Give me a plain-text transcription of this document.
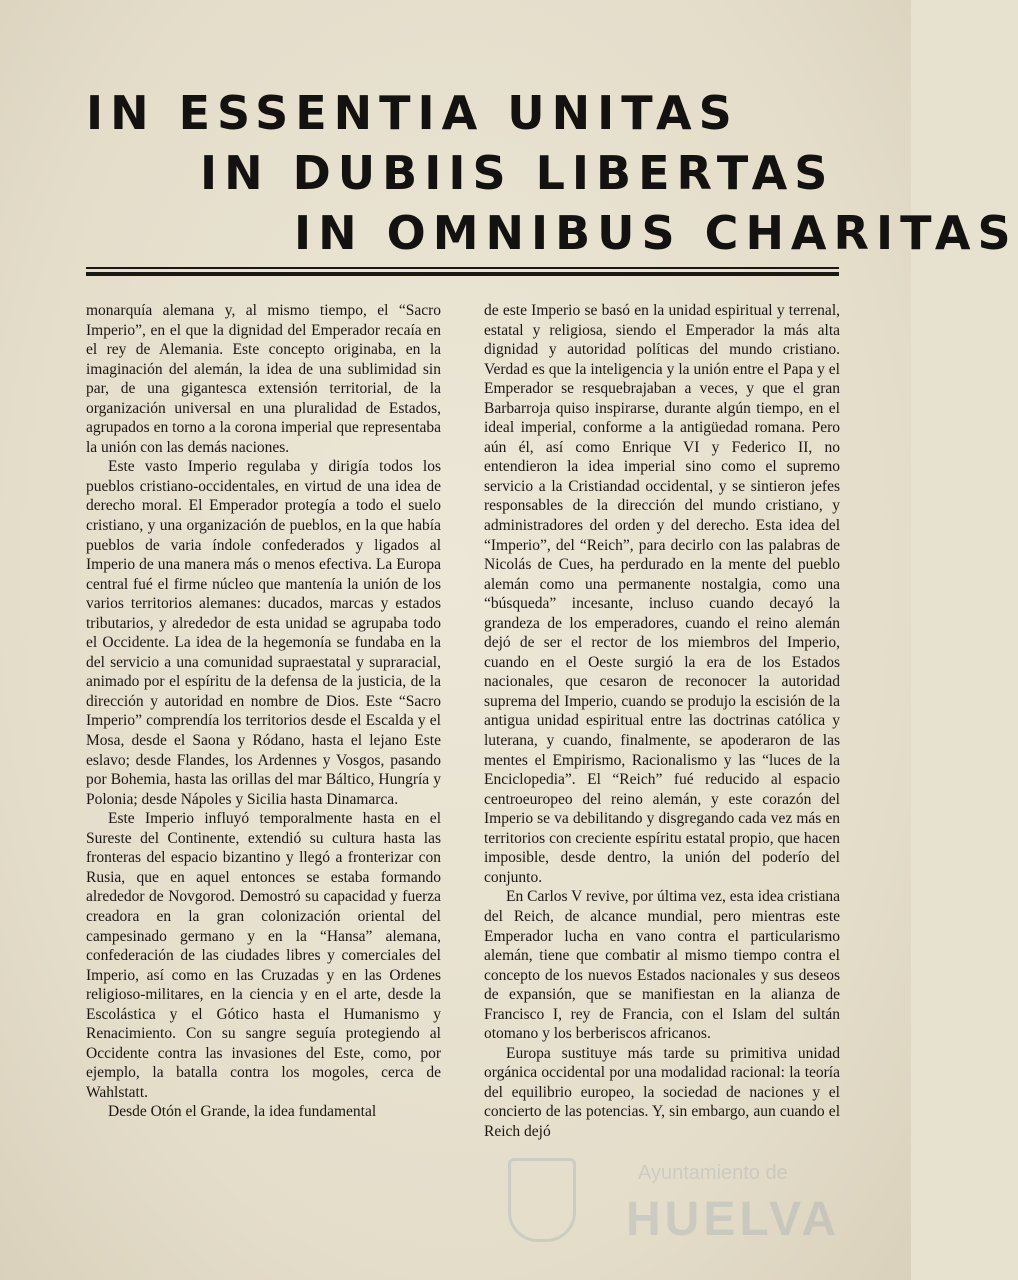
IN ESSENTIA UNITAS
IN DUBIIS LIBERTAS
IN OMNIBUS CHARITAS

monarquía alemana y, al mismo tiempo, el “Sacro Imperio”, en el que la dignidad del Emperador recaía en el rey de Alemania. Este concepto originaba, en la imaginación del alemán, la idea de una sublimidad sin par, de una gigantesca extensión territorial, de la organización universal en una pluralidad de Estados, agrupados en torno a la corona imperial que representaba la unión con las demás naciones.

Este vasto Imperio regulaba y dirigía todos los pueblos cristiano-occidentales, en virtud de una idea de derecho moral. El Emperador protegía a todo el suelo cristiano, y una organización de pueblos, en la que había pueblos de varia índole confederados y ligados al Imperio de una manera más o menos efectiva. La Europa central fué el firme núcleo que mantenía la unión de los varios territorios alemanes: ducados, marcas y estados tributarios, y alrededor de esta unidad se agrupaba todo el Occidente. La idea de la hegemonía se fundaba en la del servicio a una comunidad supraestatal y supraracial, animado por el espíritu de la defensa de la justicia, de la dirección y autoridad en nombre de Dios. Este “Sacro Imperio” comprendía los territorios desde el Escalda y el Mosa, desde el Saona y Ródano, hasta el lejano Este eslavo; desde Flandes, los Ardennes y Vosgos, pasando por Bohemia, hasta las orillas del mar Báltico, Hungría y Polonia; desde Nápoles y Sicilia hasta Dinamarca.

Este Imperio influyó temporalmente hasta en el Sureste del Continente, extendió su cultura hasta las fronteras del espacio bizantino y llegó a fronterizar con Rusia, que en aquel entonces se estaba formando alrededor de Novgorod. Demostró su capacidad y fuerza creadora en la gran colonización oriental del campesinado germano y en la “Hansa” alemana, confederación de las ciudades libres y comerciales del Imperio, así como en las Cruzadas y en las Ordenes religioso-militares, en la ciencia y en el arte, desde la Escolástica y el Gótico hasta el Humanismo y Renacimiento. Con su sangre seguía protegiendo al Occidente contra las invasiones del Este, como, por ejemplo, la batalla contra los mogoles, cerca de Wahlstatt.

Desde Otón el Grande, la idea fundamental

de este Imperio se basó en la unidad espiritual y terrenal, estatal y religiosa, siendo el Emperador la más alta dignidad y autoridad políticas del mundo cristiano. Verdad es que la inteligencia y la unión entre el Papa y el Emperador se resquebrajaban a veces, y que el gran Barbarroja quiso inspirarse, durante algún tiempo, en el ideal imperial, conforme a la antigüedad romana. Pero aún él, así como Enrique VI y Federico II, no entendieron la idea imperial sino como el supremo servicio a la Cristiandad occidental, y se sintieron jefes responsables de la dirección del mundo cristiano, y administradores del orden y del derecho. Esta idea del “Imperio”, del “Reich”, para decirlo con las palabras de Nicolás de Cues, ha perdurado en la mente del pueblo alemán como una permanente nostalgia, como una “búsqueda” incesante, incluso cuando decayó la grandeza de los emperadores, cuando el reino alemán dejó de ser el rector de los miembros del Imperio, cuando en el Oeste surgió la era de los Estados nacionales, que cesaron de reconocer la autoridad suprema del Imperio, cuando se produjo la escisión de la antigua unidad espiritual entre las doctrinas católica y luterana, y cuando, finalmente, se apoderaron de las mentes el Empirismo, Racionalismo y las “luces de la Enciclopedia”. El “Reich” fué reducido al espacio centroeuropeo del reino alemán, y este corazón del Imperio se va debilitando y disgregando cada vez más en territorios con creciente espíritu estatal propio, que hacen imposible, desde dentro, la unión del poderío del conjunto.

En Carlos V revive, por última vez, esta idea cristiana del Reich, de alcance mundial, pero mientras este Emperador lucha en vano contra el particularismo alemán, tiene que combatir al mismo tiempo contra el concepto de los nuevos Estados nacionales y sus deseos de expansión, que se manifiestan en la alianza de Francisco I, rey de Francia, con el Islam del sultán otomano y los berberiscos africanos.

Europa sustituye más tarde su primitiva unidad orgánica occidental por una modalidad racional: la teoría del equilibrio europeo, la sociedad de naciones y el concierto de las potencias. Y, sin embargo, aun cuando el Reich dejó

Ayuntamiento de
HUELVA
